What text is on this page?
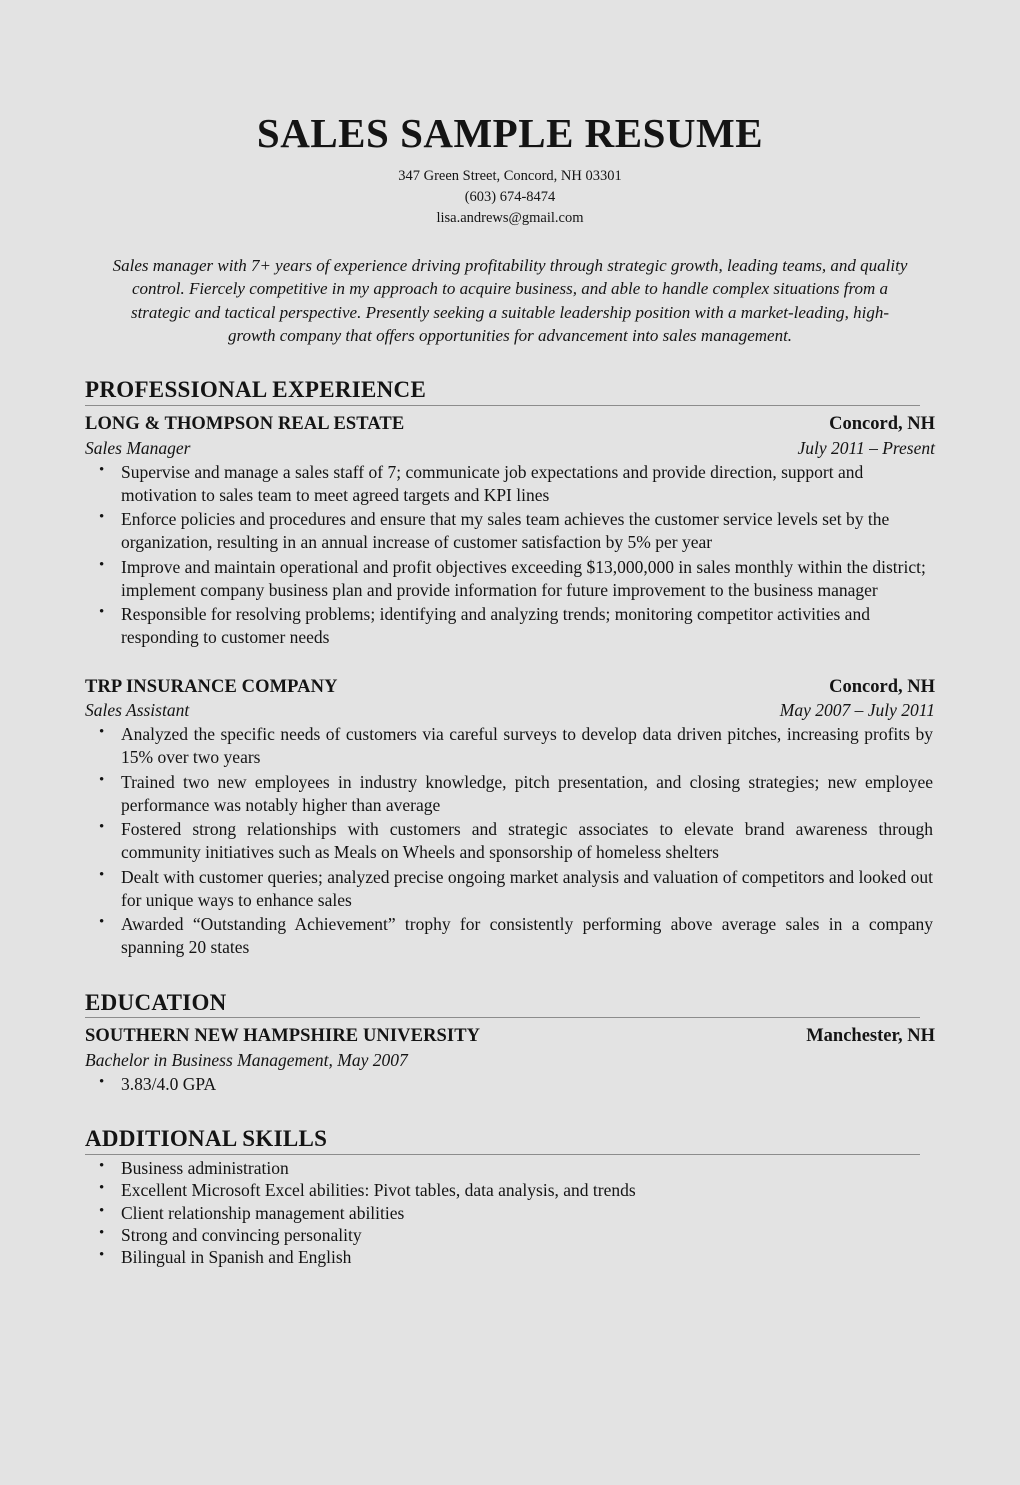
SALES SAMPLE RESUME
347 Green Street, Concord, NH 03301
(603) 674-8474
lisa.andrews@gmail.com
Sales manager with 7+ years of experience driving profitability through strategic growth, leading teams, and quality control. Fiercely competitive in my approach to acquire business, and able to handle complex situations from a strategic and tactical perspective. Presently seeking a suitable leadership position with a market-leading, high-growth company that offers opportunities for advancement into sales management.
PROFESSIONAL EXPERIENCE
LONG & THOMPSON REAL ESTATE	Concord, NH
Sales Manager	July 2011 – Present
• Supervise and manage a sales staff of 7; communicate job expectations and provide direction, support and motivation to sales team to meet agreed targets and KPI lines
• Enforce policies and procedures and ensure that my sales team achieves the customer service levels set by the organization, resulting in an annual increase of customer satisfaction by 5% per year
• Improve and maintain operational and profit objectives exceeding $13,000,000 in sales monthly within the district; implement company business plan and provide information for future improvement to the business manager
• Responsible for resolving problems; identifying and analyzing trends; monitoring competitor activities and responding to customer needs
TRP INSURANCE COMPANY	Concord, NH
Sales Assistant	May 2007 – July 2011
• Analyzed the specific needs of customers via careful surveys to develop data driven pitches, increasing profits by 15% over two years
• Trained two new employees in industry knowledge, pitch presentation, and closing strategies; new employee performance was notably higher than average
• Fostered strong relationships with customers and strategic associates to elevate brand awareness through community initiatives such as Meals on Wheels and sponsorship of homeless shelters
• Dealt with customer queries; analyzed precise ongoing market analysis and valuation of competitors and looked out for unique ways to enhance sales
• Awarded “Outstanding Achievement” trophy for consistently performing above average sales in a company spanning 20 states
EDUCATION
SOUTHERN NEW HAMPSHIRE UNIVERSITY	Manchester, NH
Bachelor in Business Management, May 2007
• 3.83/4.0 GPA
ADDITIONAL SKILLS
• Business administration
• Excellent Microsoft Excel abilities: Pivot tables, data analysis, and trends
• Client relationship management abilities
• Strong and convincing personality
• Bilingual in Spanish and English
